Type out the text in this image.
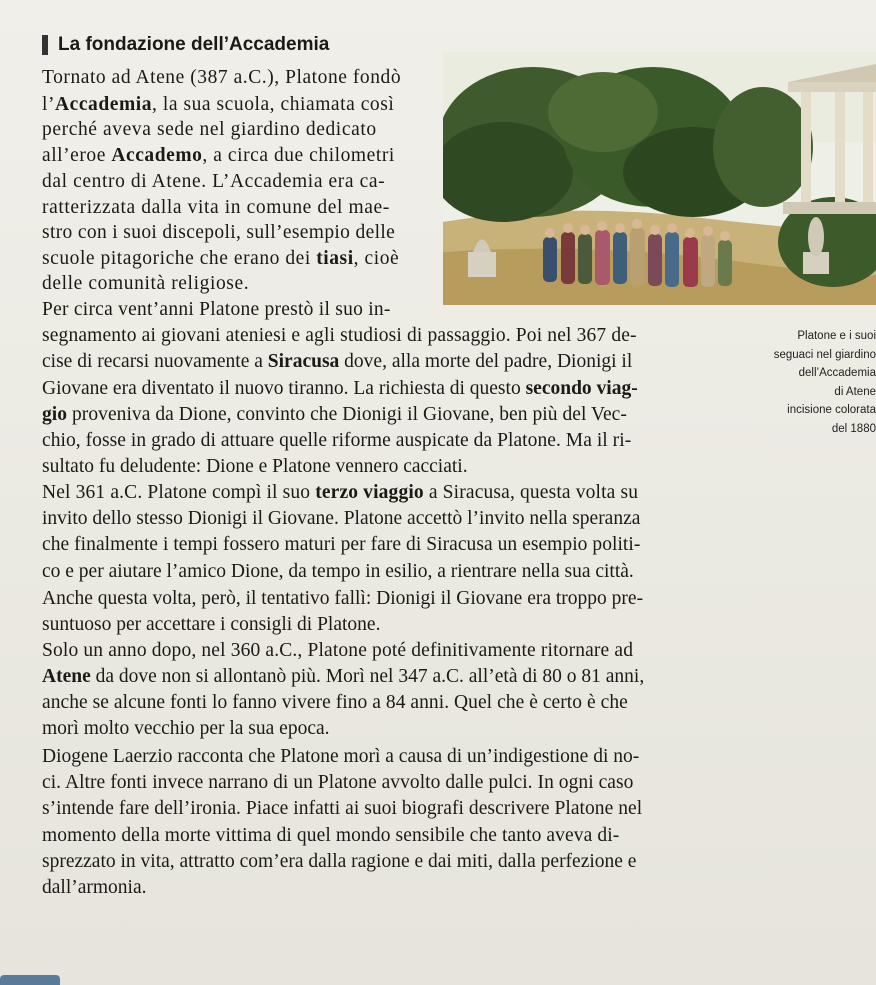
La fondazione dell’Accademia
Tornato ad Atene (387 a.C.), Platone fondò
l’Accademia, la sua scuola, chiamata così
perché aveva sede nel giardino dedicato
all’eroe Accademo, a circa due chilometri
dal centro di Atene. L’Accademia era ca-
ratterizzata dalla vita in comune del mae-
stro con i suoi discepoli, sull’esempio delle
scuole pitagoriche che erano dei tiasi, cioè
delle comunità religiose.
Per circa vent’anni Platone prestò il suo in-
segnamento ai giovani ateniesi e agli studiosi di passaggio. Poi nel 367 de-
cise di recarsi nuovamente a Siracusa dove, alla morte del padre, Dionigi il
Giovane era diventato il nuovo tiranno. La richiesta di questo secondo viag-
gio proveniva da Dione, convinto che Dionigi il Giovane, ben più del Vec-
chio, fosse in grado di attuare quelle riforme auspicate da Platone. Ma il ri-
sultato fu deludente: Dione e Platone vennero cacciati.
Nel 361 a.C. Platone compì il suo terzo viaggio a Siracusa, questa volta su
invito dello stesso Dionigi il Giovane. Platone accettò l’invito nella speranza
che finalmente i tempi fossero maturi per fare di Siracusa un esempio politi-
co e per aiutare l’amico Dione, da tempo in esilio, a rientrare nella sua città.
Anche questa volta, però, il tentativo fallì: Dionigi il Giovane era troppo pre-
suntuoso per accettare i consigli di Platone.
Solo un anno dopo, nel 360 a.C., Platone poté definitivamente ritornare ad
Atene da dove non si allontanò più. Morì nel 347 a.C. all’età di 80 o 81 anni,
anche se alcune fonti lo fanno vivere fino a 84 anni. Quel che è certo è che
morì molto vecchio per la sua epoca.
Diogene Laerzio racconta che Platone morì a causa di un’indigestione di no-
ci. Altre fonti invece narrano di un Platone avvolto dalle pulci. In ogni caso
s’intende fare dell’ironia. Piace infatti ai suoi biografi descrivere Platone nel
momento della morte vittima di quel mondo sensibile che tanto aveva di-
sprezzato in vita, attratto com’era dalla ragione e dai miti, dalla perfezione e
dall’armonia.
Platone e i suoi
seguaci nel giardino
dell’Accademia
di Atene
incisione colorata
del 1880
